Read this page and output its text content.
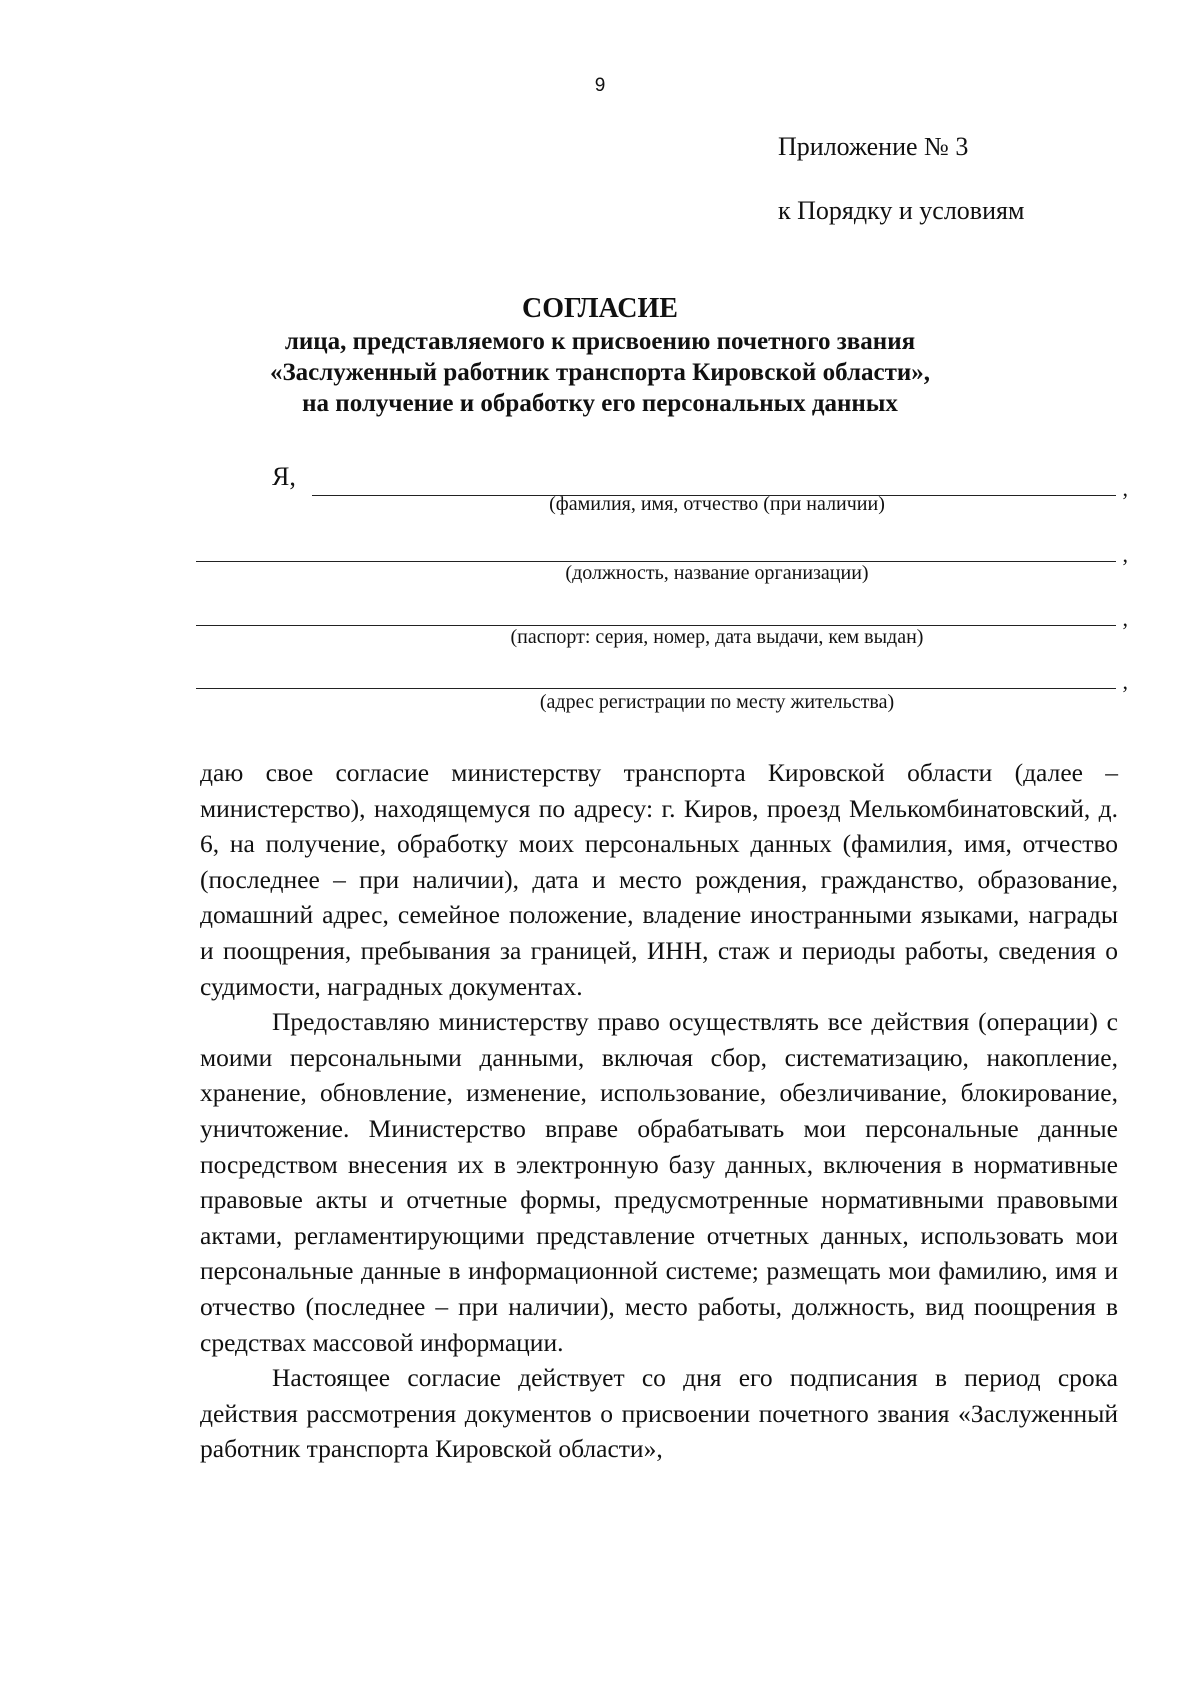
9
Приложение № 3
к Порядку и условиям
СОГЛАСИЕ
лица, представляемого к присвоению почетного звания
«Заслуженный работник транспорта Кировской области»,
на получение и обработку его персональных данных
Я,	,
(фамилия, имя, отчество (при наличии)
,
(должность, название организации)
,
(паспорт: серия, номер, дата выдачи, кем выдан)
,
(адрес регистрации по месту жительства)

даю свое согласие министерству транспорта Кировской области (далее – министерство), находящемуся по адресу: г. Киров, проезд Мелькомбинатовский, д. 6, на получение, обработку моих персональных данных (фамилия, имя, отчество (последнее – при наличии), дата и место рождения, гражданство, образование, домашний адрес, семейное положение, владение иностранными языками, награды и поощрения, пребывания за границей, ИНН, стаж и периоды работы, сведения о судимости, наградных документах.

Предоставляю министерству право осуществлять все действия (операции) с моими персональными данными, включая сбор, систематизацию, накопление, хранение, обновление, изменение, использование, обезличивание, блокирование, уничтожение. Министерство вправе обрабатывать мои персональные данные посредством внесения их в электронную базу данных, включения в нормативные правовые акты и отчетные формы, предусмотренные нормативными правовыми актами, регламентирующими представление отчетных данных, использовать мои персональные данные в информационной системе; размещать мои фамилию, имя и отчество (последнее – при наличии), место работы, должность, вид поощрения в средствах массовой информации.

Настоящее согласие действует со дня его подписания в период срока действия рассмотрения документов о присвоении почетного звания «Заслуженный работник транспорта Кировской области»,
